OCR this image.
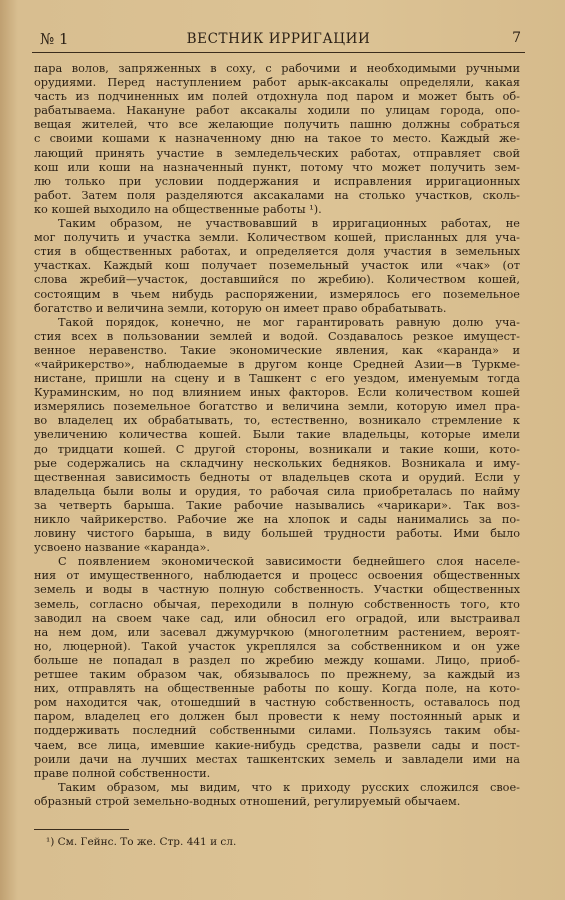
№ 1	ВЕСТНИК ИРРИГАЦИИ	7
пара волов, запряженных в соху, с рабочими и необходимыми ручными
орудиями. Перед наступлением работ арык-аксакалы определяли, какая
часть из подчиненных им полей отдохнула под паром и может быть об-
рабатываема. Накануне работ аксакалы ходили по улицам города, опо-
вещая жителей, что все желающие получить пашню должны собраться
с своими кошами к назначенному дню на такое то место. Каждый же-
лающий принять участие в земледельческих работах, отправляет свой
кош или коши на назначенный пункт, потому что может получить зем-
лю только при условии поддержания и исправления ирригационных
работ. Затем поля разделяются аксакалами на столько участков, сколь-
ко кошей выходило на общественные работы ¹).
Таким образом, не участвовавший в ирригационных работах, не
мог получить и участка земли. Количеством кошей, присланных для уча-
стия в общественных работах, и определяется доля участия в земельных
участках. Каждый кош получает поземельный участок или «чак» (от
слова жребий—участок, доставшийся по жребию). Количеством кошей,
состоящим в чьем нибудь распоряжении, измерялось его поземельное
богатство и величина земли, которую он имеет право обрабатывать.
Такой порядок, конечно, не мог гарантировать равную долю уча-
стия всех в пользовании землей и водой. Создавалось резкое имущест-
венное неравенство. Такие экономические явления, как «каранда» и
«чайрикерство», наблюдаемые в другом конце Средней Азии—в Туркме-
нистане, пришли на сцену и в Ташкент с его уездом, именуемым тогда
Кураминским, но под влиянием иных факторов. Если количеством кошей
измерялись поземельное богатство и величина земли, которую имел пра-
во владелец их обрабатывать, то, естественно, возникало стремление к
увеличению количества кошей. Были такие владельцы, которые имели
до тридцати кошей. С другой стороны, возникали и такие коши, кото-
рые содержались на складчину нескольких бедняков. Возникала и иму-
щественная зависимость бедноты от владельцев скота и орудий. Если у
владельца были волы и орудия, то рабочая сила приобреталась по найму
за четверть барыша. Такие рабочие назывались «чарикари». Так воз-
никло чайрикерство. Рабочие же на хлопок и сады нанимались за по-
ловину чистого барыша, в виду большей трудности работы. Ими было
усвоено название «каранда».
С появлением экономической зависимости беднейшего слоя населе-
ния от имущественного, наблюдается и процесс освоения общественных
земель и воды в частную полную собственность. Участки общественных
земель, согласно обычая, переходили в полную собственность того, кто
заводил на своем чаке сад, или обносил его оградой, или выстраивал
на нем дом, или засевал джумурчкою (многолетним растением, вероят-
но, люцерной). Такой участок укреплялся за собственником и он уже
больше не попадал в раздел по жребию между кошами. Лицо, приоб-
ретшее таким образом чак, обязывалось по прежнему, за каждый из
них, отправлять на общественные работы по кошу. Когда поле, на кото-
ром находится чак, отошедший в частную собственность, оставалось под
паром, владелец его должен был провести к нему постоянный арык и
поддерживать последний собственными силами. Пользуясь таким обы-
чаем, все лица, имевшие какие-нибудь средства, развели сады и пост-
роили дачи на лучших местах ташкентских земель и завладели ими на
праве полной собственности.
Таким образом, мы видим, что к приходу русских сложился свое-
образный строй земельно-водных отношений, регулируемый обычаем.
¹) См. Гейнс. То же. Стр. 441 и сл.
